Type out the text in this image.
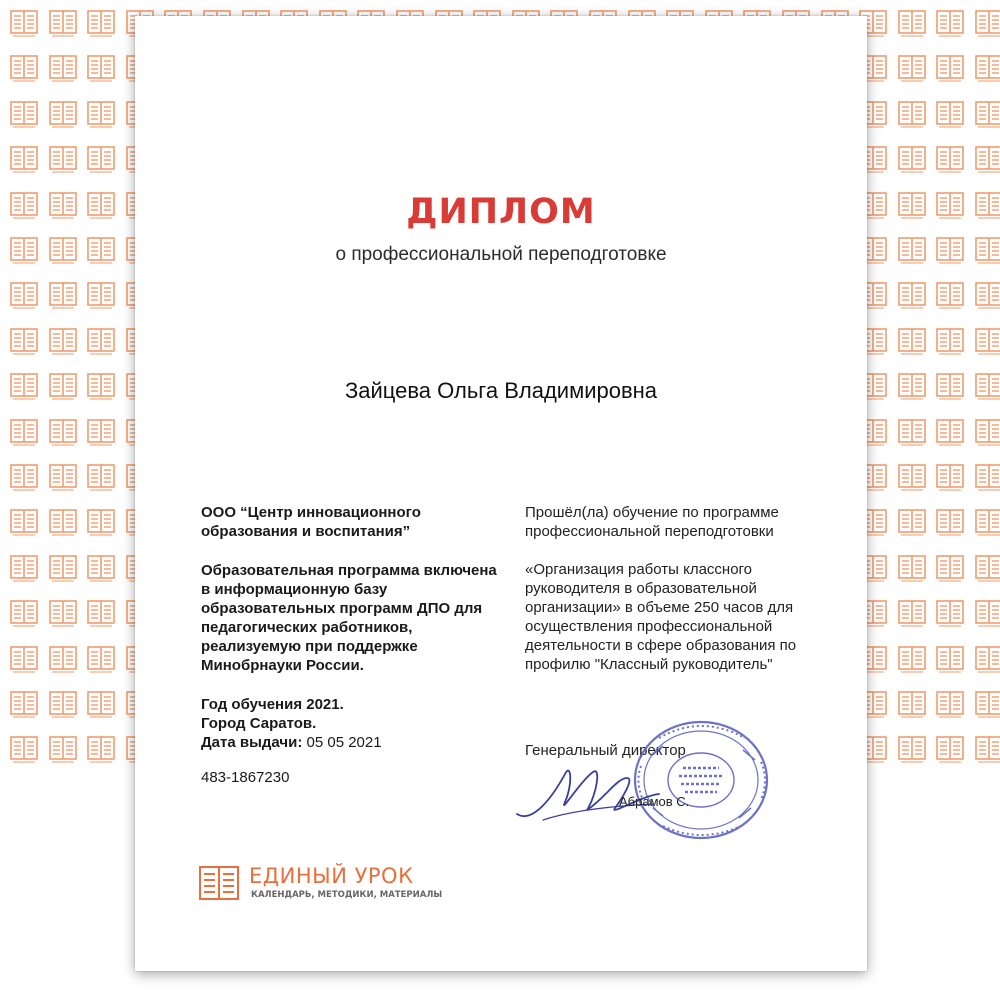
ДИПЛОМ

о профессиональной переподготовке

Зайцева Ольга Владимировна

ООО “Центр инновационного образования и воспитания”

Образовательная программа включена в информационную базу образовательных программ ДПО для педагогических работников, реализуемую при поддержке Минобрнауки России.

Год обучения 2021.

Город Саратов.

Дата выдачи: 05 05 2021

483-1867230

Прошёл(ла) обучение по программе профессиональной переподготовки

«Организация работы классного руководителя в образовательной организации» в объеме 250 часов для осуществления профессиональной деятельности в сфере образования по профилю "Классный руководитель"

Генеральный директор

Абрамов С.

ЕДИНЫЙ УРОК

КАЛЕНДАРЬ, МЕТОДИКИ, МАТЕРИАЛЫ
